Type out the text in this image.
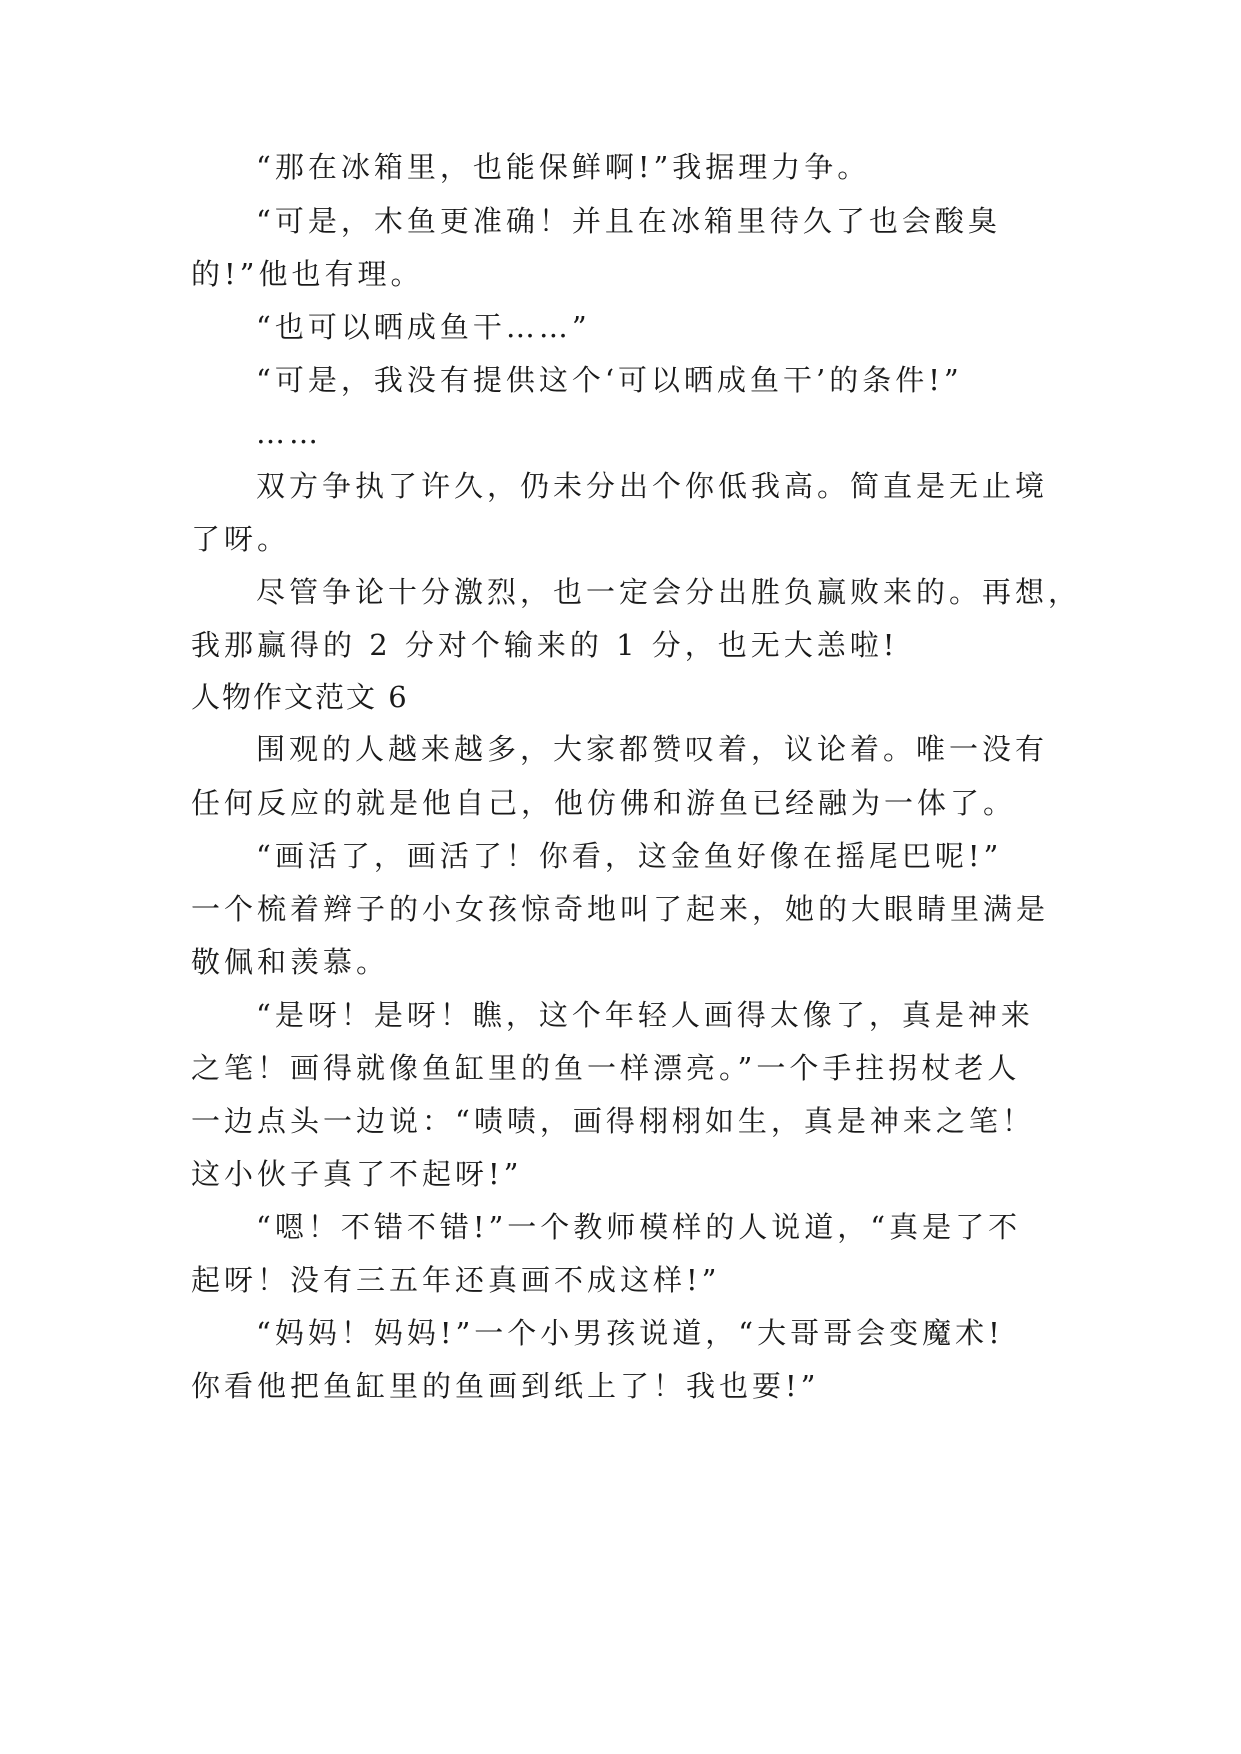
“那在冰箱里，也能保鲜啊!”我据理力争。
“可是，木鱼更准确！并且在冰箱里待久了也会酸臭
的!”他也有理。
“也可以晒成鱼干……”
“可是，我没有提供这个‘可以晒成鱼干’的条件!”
……
双方争执了许久，仍未分出个你低我高。简直是无止境
了呀。
尽管争论十分激烈，也一定会分出胜负赢败来的。再想，
我那赢得的 2 分对个输来的 1 分，也无大恙啦!
人物作文范文 6
围观的人越来越多，大家都赞叹着，议论着。唯一没有
任何反应的就是他自己，他仿佛和游鱼已经融为一体了。
“画活了，画活了！你看，这金鱼好像在摇尾巴呢!”
一个梳着辫子的小女孩惊奇地叫了起来，她的大眼睛里满是
敬佩和羡慕。
“是呀！是呀！瞧，这个年轻人画得太像了，真是神来
之笔！画得就像鱼缸里的鱼一样漂亮。”一个手拄拐杖老人
一边点头一边说：“啧啧，画得栩栩如生，真是神来之笔！
这小伙子真了不起呀!”
“嗯！不错不错!”一个教师模样的人说道，“真是了不
起呀！没有三五年还真画不成这样!”
“妈妈！妈妈!”一个小男孩说道，“大哥哥会变魔术!
你看他把鱼缸里的鱼画到纸上了！我也要!”
